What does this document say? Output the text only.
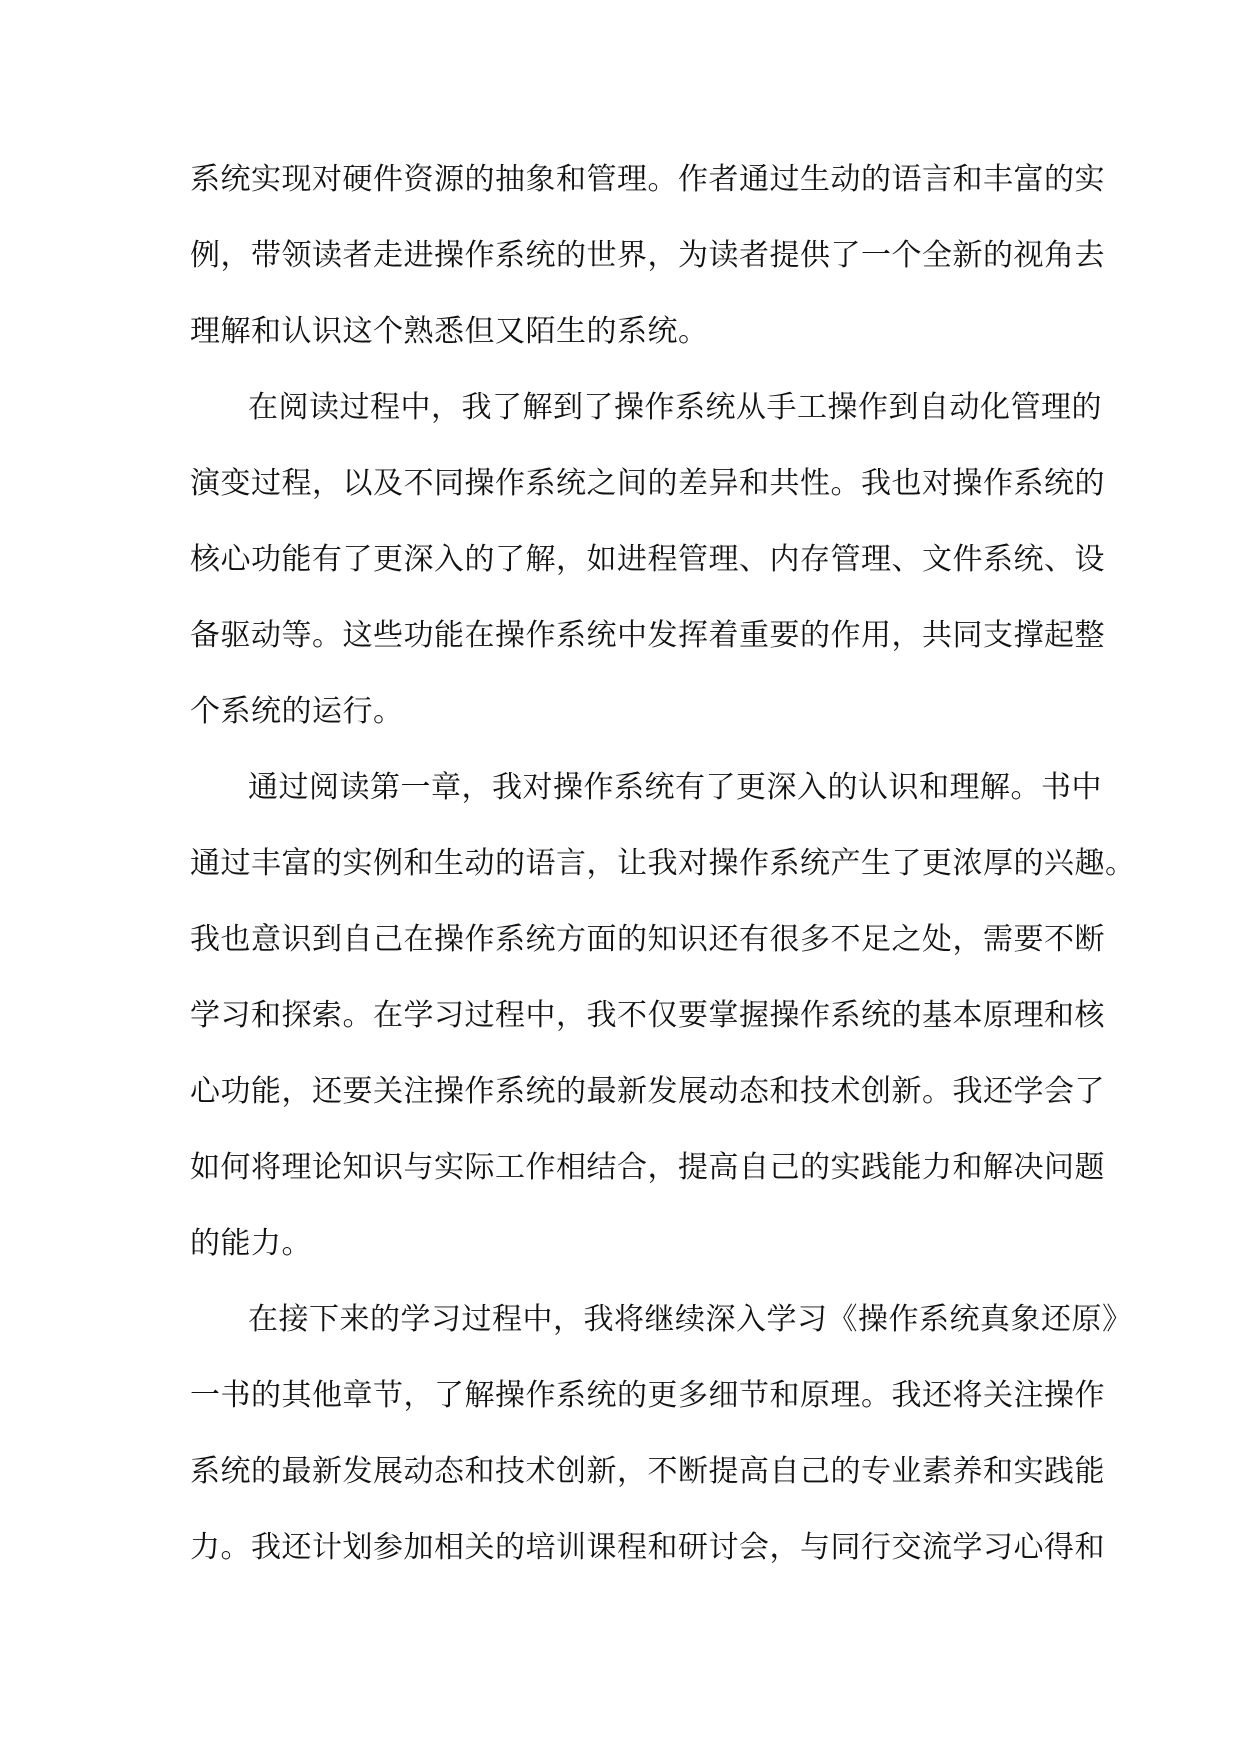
系统实现对硬件资源的抽象和管理。作者通过生动的语言和丰富的实
例，带领读者走进操作系统的世界，为读者提供了一个全新的视角去
理解和认识这个熟悉但又陌生的系统。
在阅读过程中，我了解到了操作系统从手工操作到自动化管理的
演变过程，以及不同操作系统之间的差异和共性。我也对操作系统的
核心功能有了更深入的了解，如进程管理、内存管理、文件系统、设
备驱动等。这些功能在操作系统中发挥着重要的作用，共同支撑起整
个系统的运行。
通过阅读第一章，我对操作系统有了更深入的认识和理解。书中
通过丰富的实例和生动的语言，让我对操作系统产生了更浓厚的兴趣。
我也意识到自己在操作系统方面的知识还有很多不足之处，需要不断
学习和探索。在学习过程中，我不仅要掌握操作系统的基本原理和核
心功能，还要关注操作系统的最新发展动态和技术创新。我还学会了
如何将理论知识与实际工作相结合，提高自己的实践能力和解决问题
的能力。
在接下来的学习过程中，我将继续深入学习《操作系统真象还原》
一书的其他章节，了解操作系统的更多细节和原理。我还将关注操作
系统的最新发展动态和技术创新，不断提高自己的专业素养和实践能
力。我还计划参加相关的培训课程和研讨会，与同行交流学习心得和
